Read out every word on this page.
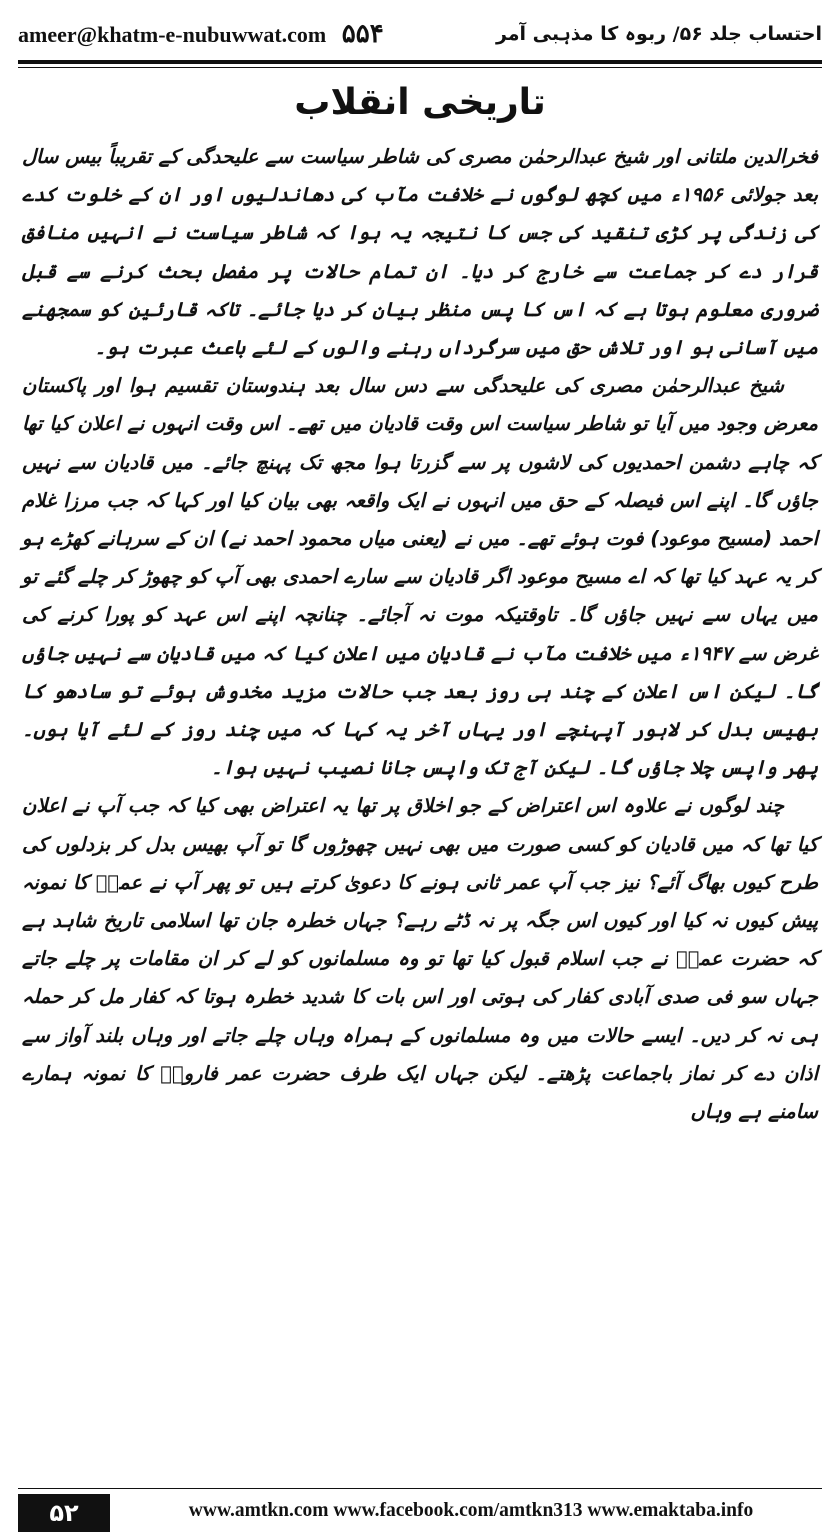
ameer@khatm-e-nubuwwat.com ۵۵۴	احتساب جلد ۵۶/ ربوہ کا مذہبی آمر
تاریخی انقلاب

فخرالدین ملتانی اور شیخ عبدالرحمٰن مصری کی شاطر سیاست سے علیحدگی کے تقریباً بیس سال بعد جولائی ۱۹۵۶ء میں کچھ لوگوں نے خلافت مآب کی دھاندلیوں اور ان کے خلوت کدے کی زندگی پر کڑی تنقید کی جس کا نتیجہ یہ ہوا کہ شاطر سیاست نے انہیں منافق قرار دے کر جماعت سے خارج کر دیا۔ ان تمام حالات پر مفصل بحث کرنے سے قبل ضروری معلوم ہوتا ہے کہ اس کا پس منظر بیان کر دیا جائے۔ تاکہ قارئین کو سمجھنے میں آسانی ہو اور تلاش حق میں سرگرداں رہنے والوں کے لئے باعث عبرت ہو۔

شیخ عبدالرحمٰن مصری کی علیحدگی سے دس سال بعد ہندوستان تقسیم ہوا اور پاکستان معرض وجود میں آیا تو شاطر سیاست اس وقت قادیان میں تھے۔ اس وقت انہوں نے اعلان کیا تھا کہ چاہے دشمن احمدیوں کی لاشوں پر سے گزرتا ہوا مجھ تک پہنچ جائے۔ میں قادیان سے نہیں جاؤں گا۔ اپنے اس فیصلہ کے حق میں انہوں نے ایک واقعہ بھی بیان کیا اور کہا کہ جب مرزا غلام احمد (مسیح موعود) فوت ہوئے تھے۔ میں نے (یعنی میاں محمود احمد نے) ان کے سرہانے کھڑے ہو کر یہ عہد کیا تھا کہ اے مسیح موعود اگر قادیان سے سارے احمدی بھی آپ کو چھوڑ کر چلے گئے تو میں یہاں سے نہیں جاؤں گا۔ تاوقتیکہ موت نہ آجائے۔ چنانچہ اپنے اس عہد کو پورا کرنے کی غرض سے ۱۹۴۷ء میں خلافت مآب نے قادیان میں اعلان کیا کہ میں قادیان سے نہیں جاؤں گا۔ لیکن اس اعلان کے چند ہی روز بعد جب حالات مزید مخدوش ہوئے تو سادھو کا بھیس بدل کر لاہور آپہنچے اور یہاں آخر یہ کہا کہ میں چند روز کے لئے آیا ہوں۔ پھر واپس چلا جاؤں گا۔ لیکن آج تک واپس جانا نصیب نہیں ہوا۔

چند لوگوں نے علاوہ اس اعتراض کے جو اخلاق پر تھا یہ اعتراض بھی کیا کہ جب آپ نے اعلان کیا تھا کہ میں قادیان کو کسی صورت میں بھی نہیں چھوڑوں گا تو آپ بھیس بدل کر بزدلوں کی طرح کیوں بھاگ آئے؟ نیز جب آپ عمر ثانی ہونے کا دعویٰ کرتے ہیں تو پھر آپ نے عمرؓ کا نمونہ پیش کیوں نہ کیا اور کیوں اس جگہ پر نہ ڈٹے رہے؟ جہاں خطرہ جان تھا اسلامی تاریخ شاہد ہے کہ حضرت عمرؓ نے جب اسلام قبول کیا تھا تو وہ مسلمانوں کو لے کر ان مقامات پر چلے جاتے جہاں سو فی صدی آبادی کفار کی ہوتی اور اس بات کا شدید خطرہ ہوتا کہ کفار مل کر حملہ ہی نہ کر دیں۔ ایسے حالات میں وہ مسلمانوں کے ہمراہ وہاں چلے جاتے اور وہاں بلند آواز سے اذان دے کر نماز باجماعت پڑھتے۔ لیکن جہاں ایک طرف حضرت عمر فاروقؓ کا نمونہ ہمارے سامنے ہے وہاں

۵۲	www.amtkn.com www.facebook.com/amtkn313 www.emaktaba.info
